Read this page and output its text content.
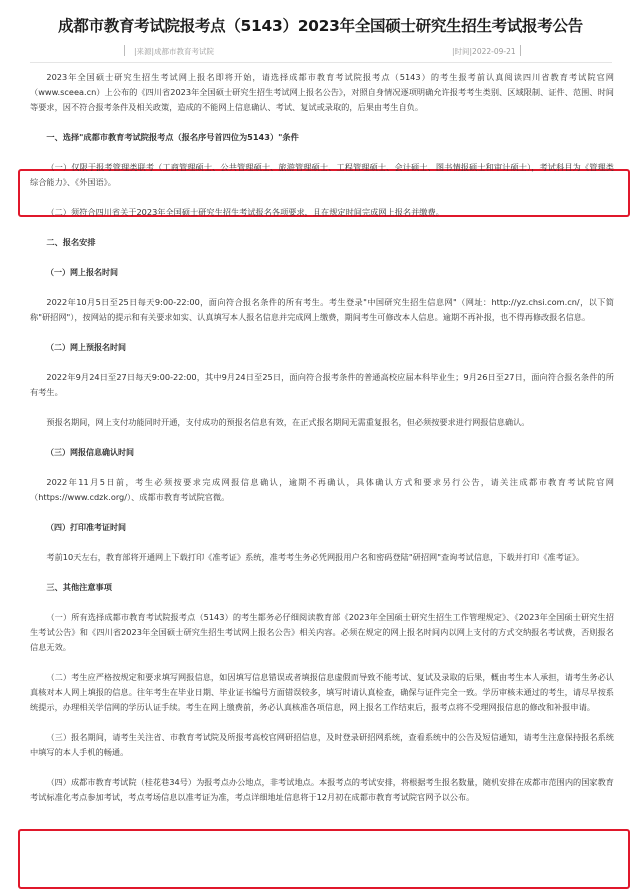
成都市教育考试院报考点（5143）2023年全国硕士研究生招生考试报考公告
|来源|成都市教育考试院	|时间|2022-09-21

2023年全国硕士研究生招生考试网上报名即将开始，请选择成都市教育考试院报考点（5143）的考生报考前认真阅读四川省教育考试院官网（www.sceea.cn）上公布的《四川省2023年全国硕士研究生招生考试网上报名公告》，对照自身情况逐项明确允许报考考生类别、区域限制、证件、范围、时间等要求，因不符合报考条件及相关政策，造成的不能网上信息确认、考试、复试或录取的，后果由考生自负。

一、选择"成都市教育考试院报考点（报名序号首四位为5143）"条件

（一）仅限于报考管理类联考（工商管理硕士、公共管理硕士、旅游管理硕士、工程管理硕士、会计硕士、图书情报硕士和审计硕士），考试科目为《管理类综合能力》、《外国语》。

（二）须符合四川省关于2023年全国硕士研究生招生考试报名各项要求，且在规定时间完成网上报名并缴费。

二、报名安排

（一）网上报名时间

2022年10月5日至25日每天9:00-22:00，面向符合报名条件的所有考生。考生登录"中国研究生招生信息网"（网址：http://yz.chsi.com.cn/，以下简称"研招网"），按网站的提示和有关要求如实、认真填写本人报名信息并完成网上缴费，期间考生可修改本人信息。逾期不再补报，也不得再修改报名信息。

（二）网上预报名时间

2022年9月24日至27日每天9:00-22:00，其中9月24日至25日，面向符合报考条件的普通高校应届本科毕业生；9月26日至27日，面向符合报名条件的所有考生。

预报名期间，网上支付功能同时开通，支付成功的预报名信息有效，在正式报名期间无需重复报名，但必须按要求进行网报信息确认。

（三）网报信息确认时间

2022年11月5日前，考生必须按要求完成网报信息确认，逾期不再确认，具体确认方式和要求另行公告，请关注成都市教育考试院官网（https://www.cdzk.org/）、成都市教育考试院官微。

（四）打印准考证时间

考前10天左右，教育部将开通网上下载打印《准考证》系统，准考考生务必凭网报用户名和密码登陆"研招网"查询考试信息，下载并打印《准考证》。

三、其他注意事项

（一）所有选择成都市教育考试院报考点（5143）的考生都务必仔细阅读教育部《2023年全国硕士研究生招生工作管理规定》、《2023年全国硕士研究生招生考试公告》和《四川省2023年全国硕士研究生招生考试网上报名公告》相关内容。必须在规定的网上报名时间内以网上支付的方式交纳报名考试费，否则报名信息无效。

（二）考生应严格按规定和要求填写网报信息，如因填写信息错误或者填报信息虚假而导致不能考试、复试及录取的后果，概由考生本人承担，请考生务必认真核对本人网上填报的信息。往年考生在毕业日期、毕业证书编号方面错误较多，填写时请认真检查，确保与证件完全一致。学历审核未通过的考生，请尽早按系统提示，办理相关学信网的学历认证手续。考生在网上缴费前，务必认真核准各项信息，网上报名工作结束后，报考点将不受理网报信息的修改和补报申请。

（三）报名期间，请考生关注省、市教育考试院及所报考高校官网研招信息，及时登录研招网系统，查看系统中的公告及短信通知，请考生注意保持报名系统中填写的本人手机的畅通。

（四）成都市教育考试院（桂花巷34号）为报考点办公地点，非考试地点。本报考点的考试安排，将根据考生报名数量，随机安排在成都市范围内的国家教育考试标准化考点参加考试，考点考场信息以准考证为准，考点详细地址信息将于12月初在成都市教育考试院官网予以公布。
